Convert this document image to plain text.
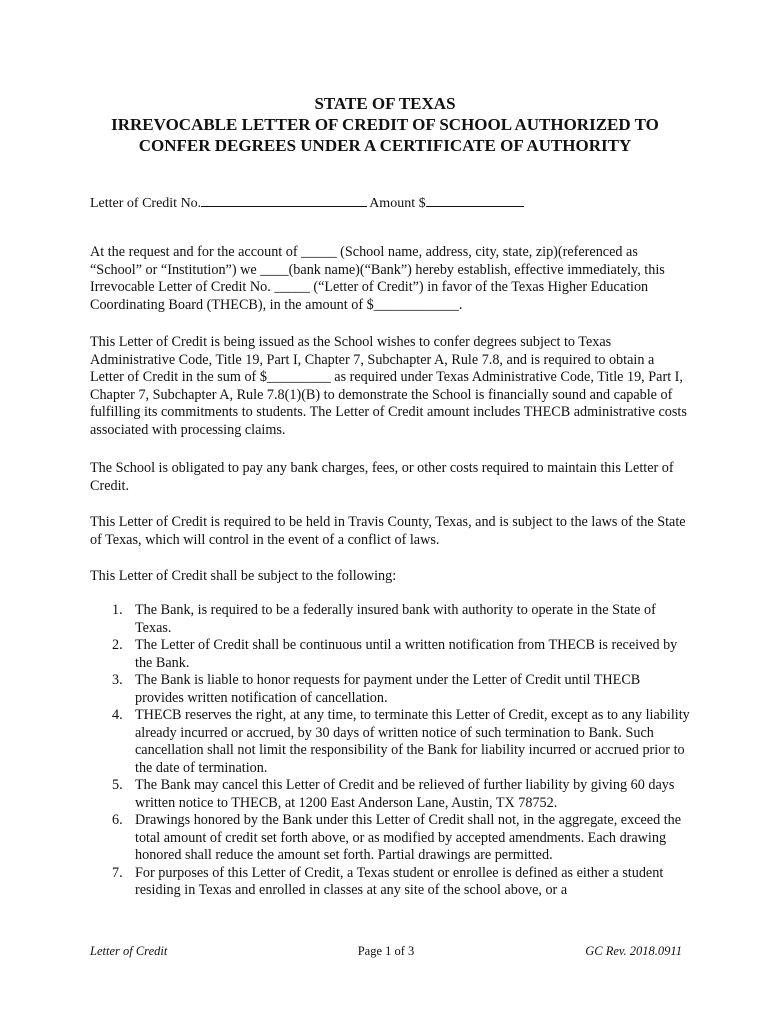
STATE OF TEXAS
IRREVOCABLE LETTER OF CREDIT OF SCHOOL AUTHORIZED TO
CONFER DEGREES UNDER A CERTIFICATE OF AUTHORITY
Letter of Credit No.	Amount $

At the request and for the account of _____ (School name, address, city, state, zip)(referenced as “School” or “Institution”) we ____(bank name)(“Bank”) hereby establish, effective immediately, this Irrevocable Letter of Credit No. _____ (“Letter of Credit”) in favor of the Texas Higher Education Coordinating Board (THECB), in the amount of $____________.

This Letter of Credit is being issued as the School wishes to confer degrees subject to Texas Administrative Code, Title 19, Part I, Chapter 7, Subchapter A, Rule 7.8, and is required to obtain a Letter of Credit in the sum of $_________ as required under Texas Administrative Code, Title 19, Part I, Chapter 7, Subchapter A, Rule 7.8(1)(B) to demonstrate the School is financially sound and capable of fulfilling its commitments to students. The Letter of Credit amount includes THECB administrative costs associated with processing claims.

The School is obligated to pay any bank charges, fees, or other costs required to maintain this Letter of Credit.

This Letter of Credit is required to be held in Travis County, Texas, and is subject to the laws of the State of Texas, which will control in the event of a conflict of laws.

This Letter of Credit shall be subject to the following:

1. The Bank, is required to be a federally insured bank with authority to operate in the State of Texas.
2. The Letter of Credit shall be continuous until a written notification from THECB is received by the Bank.
3. The Bank is liable to honor requests for payment under the Letter of Credit until THECB provides written notification of cancellation.
4. THECB reserves the right, at any time, to terminate this Letter of Credit, except as to any liability already incurred or accrued, by 30 days of written notice of such termination to Bank. Such cancellation shall not limit the responsibility of the Bank for liability incurred or accrued prior to the date of termination.
5. The Bank may cancel this Letter of Credit and be relieved of further liability by giving 60 days written notice to THECB, at 1200 East Anderson Lane, Austin, TX 78752.
6. Drawings honored by the Bank under this Letter of Credit shall not, in the aggregate, exceed the total amount of credit set forth above, or as modified by accepted amendments. Each drawing honored shall reduce the amount set forth. Partial drawings are permitted.
7. For purposes of this Letter of Credit, a Texas student or enrollee is defined as either a student residing in Texas and enrolled in classes at any site of the school above, or a
Letter of Credit	Page 1 of 3	GC Rev. 2018.0911
